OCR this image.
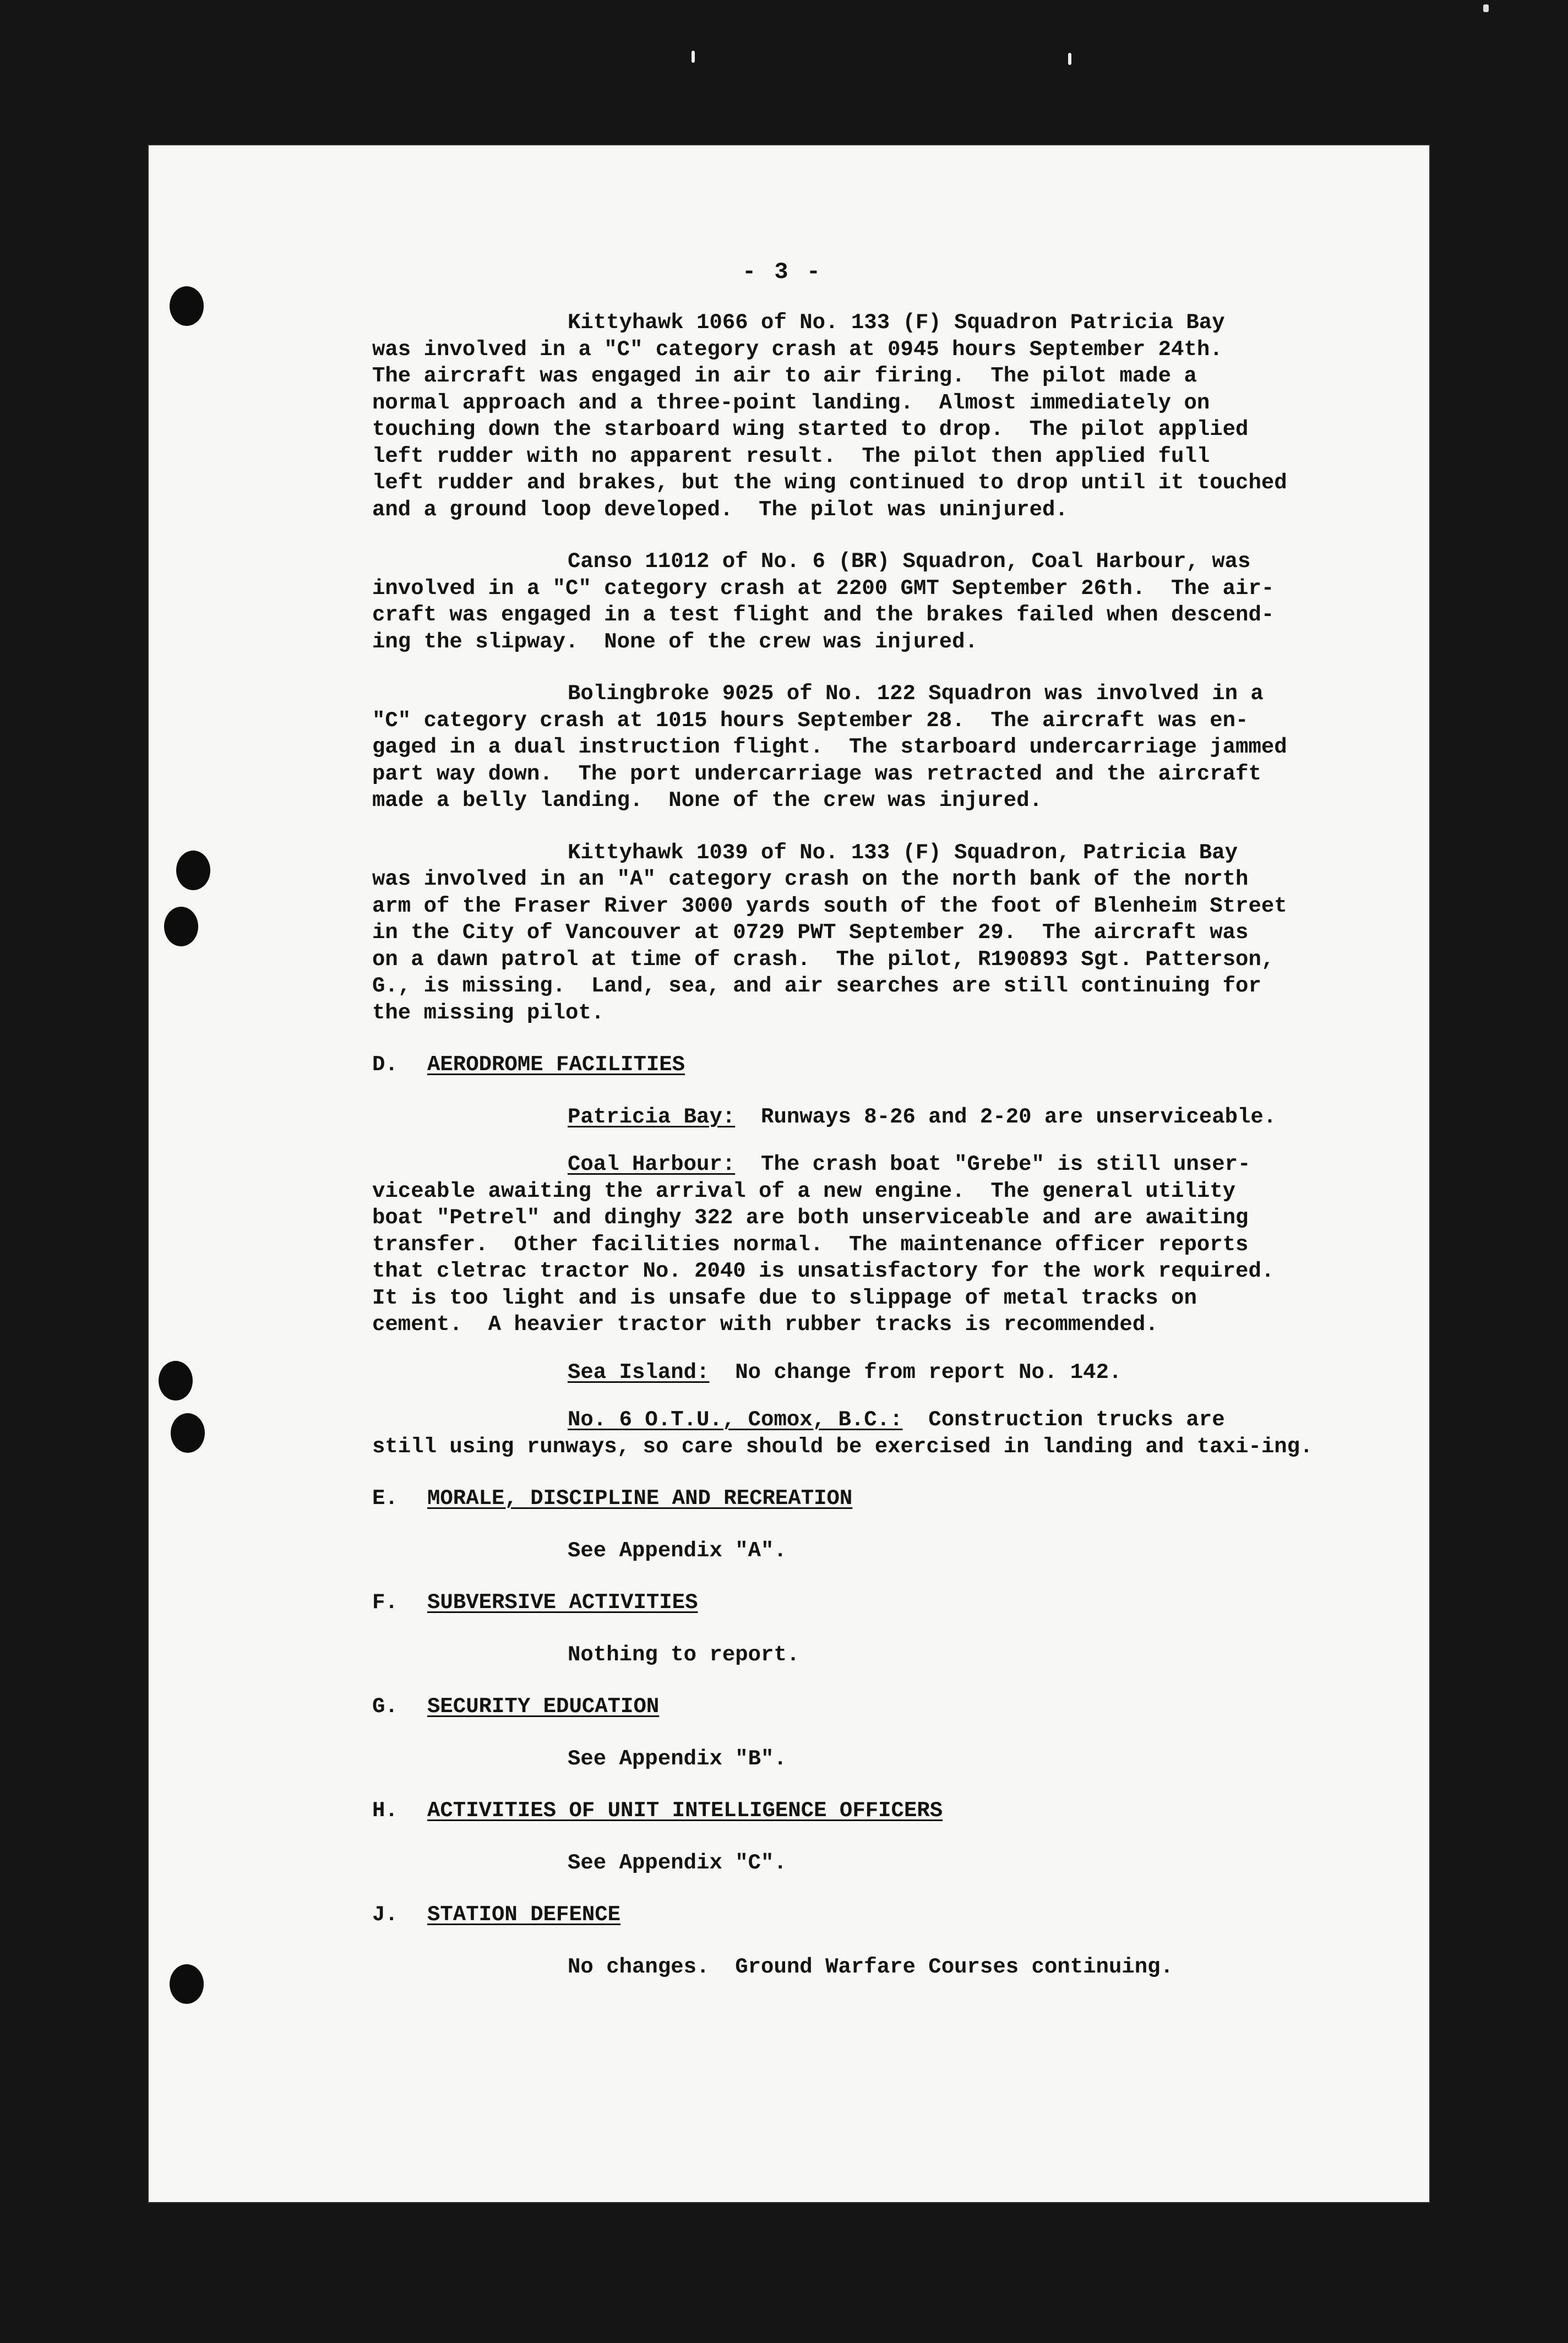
- 3 -
Kittyhawk 1066 of No. 133 (F) Squadron Patricia Bay
was involved in a "C" category crash at 0945 hours September 24th.
The aircraft was engaged in air to air firing.  The pilot made a
normal approach and a three-point landing.  Almost immediately on
touching down the starboard wing started to drop.  The pilot applied
left rudder with no apparent result.  The pilot then applied full
left rudder and brakes, but the wing continued to drop until it touched
and a ground loop developed.  The pilot was uninjured.
Canso 11012 of No. 6 (BR) Squadron, Coal Harbour, was
involved in a "C" category crash at 2200 GMT September 26th.  The air-
craft was engaged in a test flight and the brakes failed when descend-
ing the slipway.  None of the crew was injured.
Bolingbroke 9025 of No. 122 Squadron was involved in a
"C" category crash at 1015 hours September 28.  The aircraft was en-
gaged in a dual instruction flight.  The starboard undercarriage jammed
part way down.  The port undercarriage was retracted and the aircraft
made a belly landing.  None of the crew was injured.
Kittyhawk 1039 of No. 133 (F) Squadron, Patricia Bay
was involved in an "A" category crash on the north bank of the north
arm of the Fraser River 3000 yards south of the foot of Blenheim Street
in the City of Vancouver at 0729 PWT September 29.  The aircraft was
on a dawn patrol at time of crash.  The pilot, R190893 Sgt. Patterson,
G., is missing.  Land, sea, and air searches are still continuing for
the missing pilot.
D. AERODROME FACILITIES
Patricia Bay:  Runways 8-26 and 2-20 are unserviceable.
Coal Harbour:  The crash boat "Grebe" is still unser-
viceable awaiting the arrival of a new engine.  The general utility
boat "Petrel" and dinghy 322 are both unserviceable and are awaiting
transfer.  Other facilities normal.  The maintenance officer reports
that cletrac tractor No. 2040 is unsatisfactory for the work required.
It is too light and is unsafe due to slippage of metal tracks on
cement.  A heavier tractor with rubber tracks is recommended.
Sea Island:  No change from report No. 142.
No. 6 O.T.U., Comox, B.C.:  Construction trucks are
still using runways, so care should be exercised in landing and taxi-ing.
E. MORALE, DISCIPLINE AND RECREATION
See Appendix "A".
F. SUBVERSIVE ACTIVITIES
Nothing to report.
G. SECURITY EDUCATION
See Appendix "B".
H. ACTIVITIES OF UNIT INTELLIGENCE OFFICERS
See Appendix "C".
J. STATION DEFENCE
No changes.  Ground Warfare Courses continuing.
